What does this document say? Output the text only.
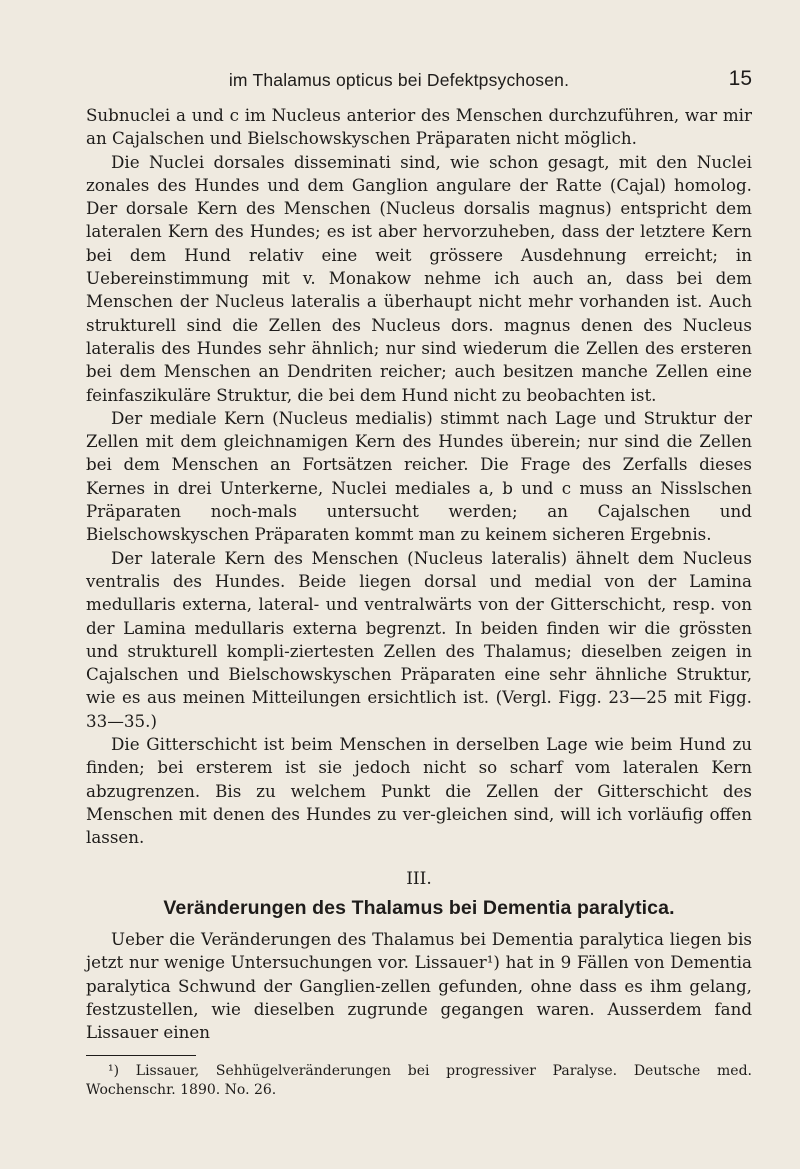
im Thalamus opticus bei Defektpsychosen.	15

Subnuclei a und c im Nucleus anterior des Menschen durchzuführen, war mir an Cajalschen und Bielschowskyschen Präparaten nicht möglich.

Die Nuclei dorsales disseminati sind, wie schon gesagt, mit den Nuclei zonales des Hundes und dem Ganglion angulare der Ratte (Cajal) homolog. Der dorsale Kern des Menschen (Nucleus dorsalis magnus) entspricht dem lateralen Kern des Hundes; es ist aber hervorzuheben, dass der letztere Kern bei dem Hund relativ eine weit grössere Ausdehnung erreicht; in Uebereinstimmung mit v. Monakow nehme ich auch an, dass bei dem Menschen der Nucleus lateralis a überhaupt nicht mehr vorhanden ist. Auch strukturell sind die Zellen des Nucleus dors. magnus denen des Nucleus lateralis des Hundes sehr ähnlich; nur sind wiederum die Zellen des ersteren bei dem Menschen an Dendriten reicher; auch besitzen manche Zellen eine feinfaszikuläre Struktur, die bei dem Hund nicht zu beobachten ist.

Der mediale Kern (Nucleus medialis) stimmt nach Lage und Struktur der Zellen mit dem gleichnamigen Kern des Hundes überein; nur sind die Zellen bei dem Menschen an Fortsätzen reicher. Die Frage des Zerfalls dieses Kernes in drei Unterkerne, Nuclei mediales a, b und c muss an Nisslschen Präparaten noch-mals untersucht werden; an Cajalschen und Bielschowskyschen Präparaten kommt man zu keinem sicheren Ergebnis.

Der laterale Kern des Menschen (Nucleus lateralis) ähnelt dem Nucleus ventralis des Hundes. Beide liegen dorsal und medial von der Lamina medullaris externa, lateral- und ventralwärts von der Gitterschicht, resp. von der Lamina medullaris externa begrenzt. In beiden finden wir die grössten und strukturell kompli-ziertesten Zellen des Thalamus; dieselben zeigen in Cajalschen und Bielschowskyschen Präparaten eine sehr ähnliche Struktur, wie es aus meinen Mitteilungen ersichtlich ist. (Vergl. Figg. 23—25 mit Figg. 33—35.)

Die Gitterschicht ist beim Menschen in derselben Lage wie beim Hund zu finden; bei ersterem ist sie jedoch nicht so scharf vom lateralen Kern abzugrenzen. Bis zu welchem Punkt die Zellen der Gitterschicht des Menschen mit denen des Hundes zu ver-gleichen sind, will ich vorläufig offen lassen.

III.
Veränderungen des Thalamus bei Dementia paralytica.

Ueber die Veränderungen des Thalamus bei Dementia paralytica liegen bis jetzt nur wenige Untersuchungen vor. Lissauer¹) hat in 9 Fällen von Dementia paralytica Schwund der Ganglien-zellen gefunden, ohne dass es ihm gelang, festzustellen, wie dieselben zugrunde gegangen waren. Ausserdem fand Lissauer einen

¹) Lissauer, Sehhügelveränderungen bei progressiver Paralyse. Deutsche med. Wochenschr. 1890. No. 26.
